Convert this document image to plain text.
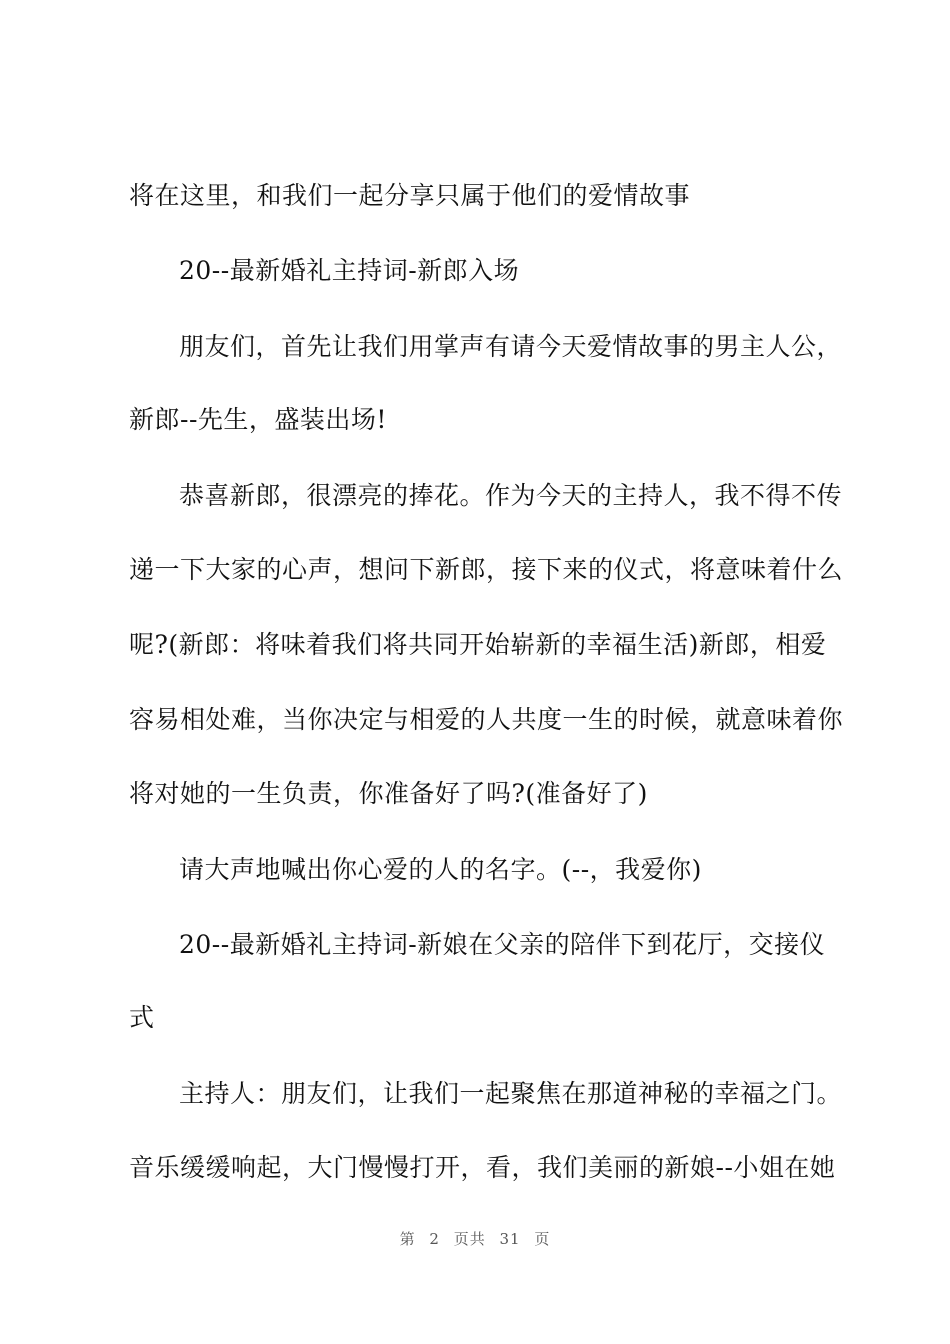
将在这里，和我们一起分享只属于他们的爱情故事
20--最新婚礼主持词-新郎入场
朋友们，首先让我们用掌声有请今天爱情故事的男主人公，
新郎--先生，盛装出场!
恭喜新郎，很漂亮的捧花。作为今天的主持人，我不得不传
递一下大家的心声，想问下新郎，接下来的仪式，将意味着什么
呢?(新郎：将味着我们将共同开始崭新的幸福生活)新郎，相爱
容易相处难，当你决定与相爱的人共度一生的时候，就意味着你
将对她的一生负责，你准备好了吗?(准备好了)
请大声地喊出你心爱的人的名字。(--，我爱你)
20--最新婚礼主持词-新娘在父亲的陪伴下到花厅，交接仪
式
主持人：朋友们，让我们一起聚焦在那道神秘的幸福之门。
音乐缓缓响起，大门慢慢打开，看，我们美丽的新娘--小姐在她
第 2 页共 31 页
